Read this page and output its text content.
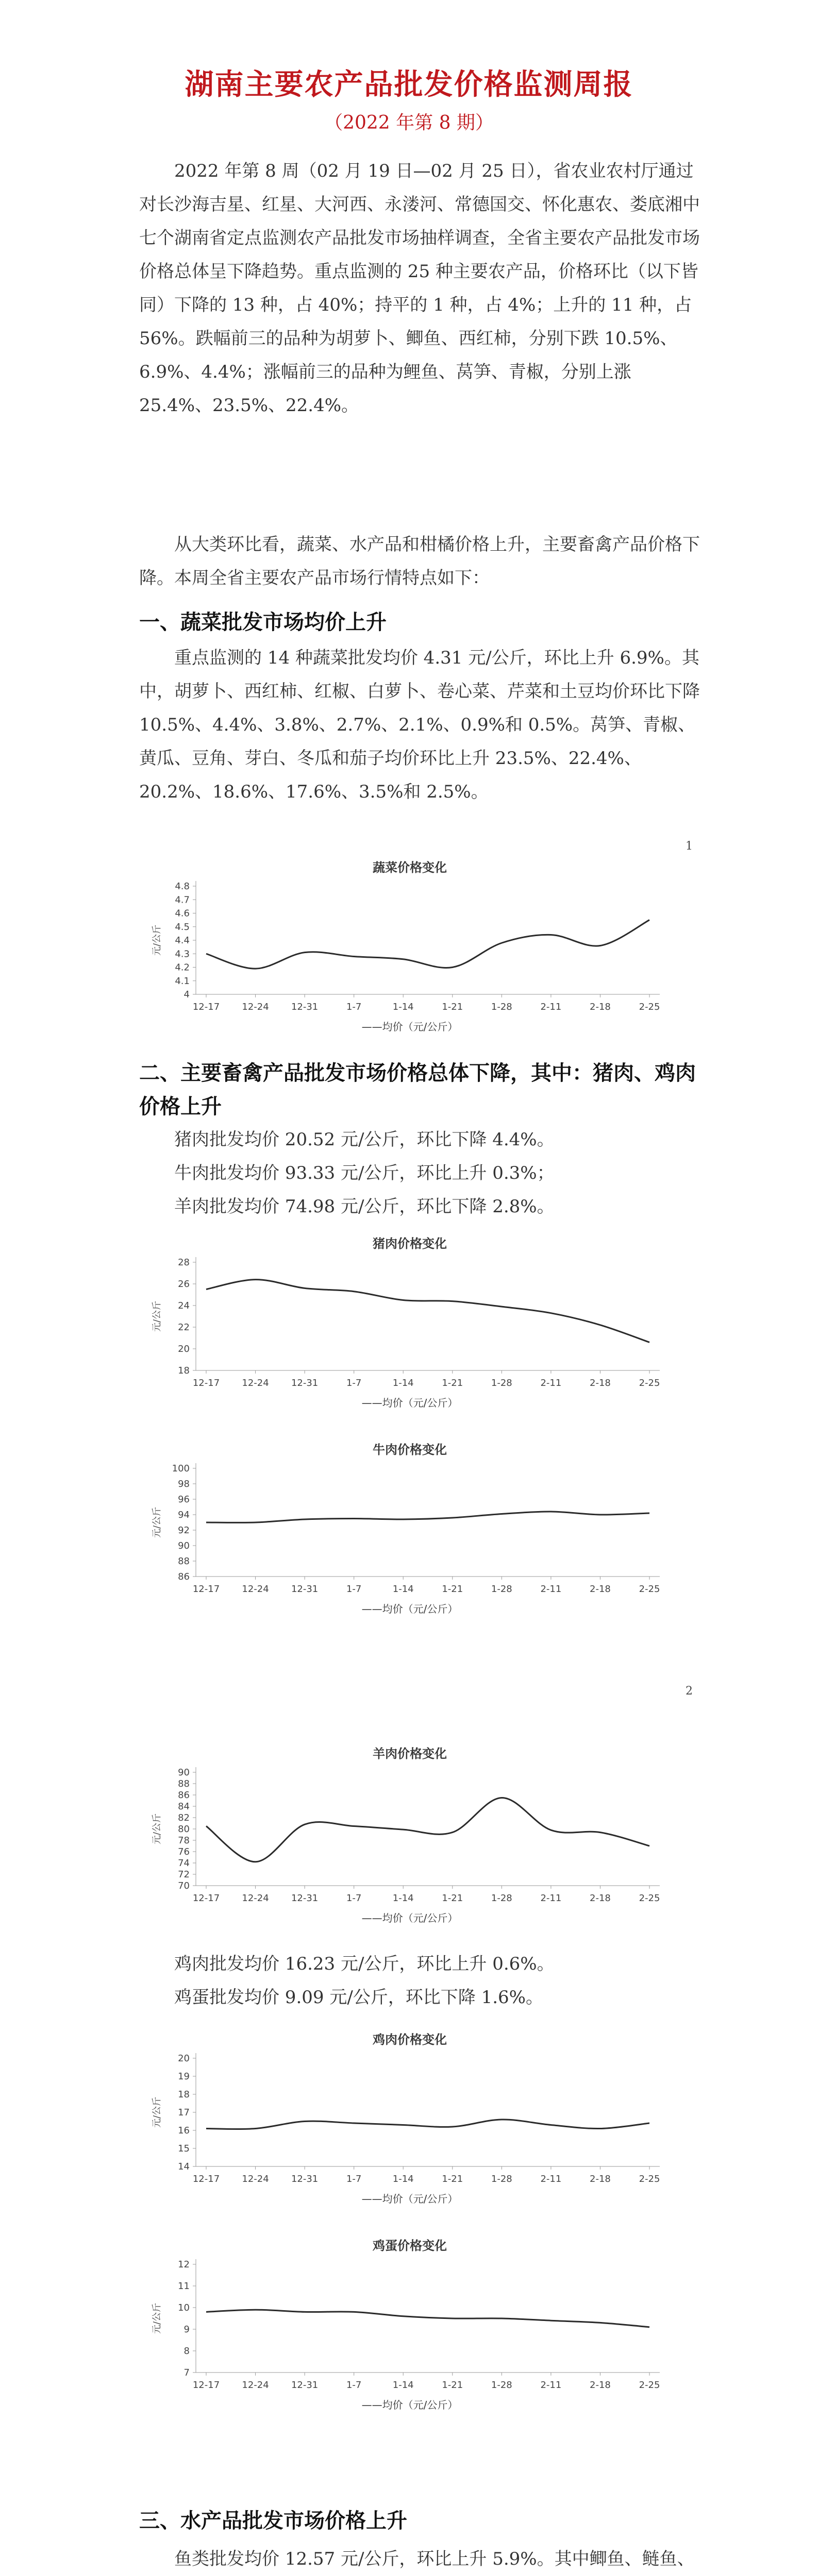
湖南主要农产品批发价格监测周报
（2022 年第 8 期）

2022 年第 8 周（02 月 19 日—02 月 25 日），省农业农村厅通过对长沙海吉星、红星、大河西、永溇河、常德国交、怀化惠农、娄底湘中七个湖南省定点监测农产品批发市场抽样调查，全省主要农产品批发市场价格总体呈下降趋势。重点监测的 25 种主要农产品，价格环比（以下皆同）下降的 13 种，占 40%；持平的 1 种，占 4%；上升的 11 种，占 56%。跌幅前三的品种为胡萝卜、鲫鱼、西红柿，分别下跌 10.5%、6.9%、4.4%；涨幅前三的品种为鲤鱼、莴笋、青椒，分别上涨 25.4%、23.5%、22.4%。

从大类环比看，蔬菜、水产品和柑橘价格上升，主要畜禽产品价格下降。本周全省主要农产品市场行情特点如下：

一、蔬菜批发市场均价上升

重点监测的 14 种蔬菜批发均价 4.31 元/公斤，环比上升 6.9%。其中，胡萝卜、西红柿、红椒、白萝卜、卷心菜、芹菜和土豆均价环比下降 10.5%、4.4%、3.8%、2.7%、2.1%、0.9%和 0.5%。莴笋、青椒、黄瓜、豆角、芽白、冬瓜和茄子均价环比上升 23.5%、22.4%、20.2%、18.6%、17.6%、3.5%和 2.5%。

1
蔬菜价格变化
4
4.1
4.2
4.3
4.4
4.5
4.6
4.7
4.8
元/公斤
12-17 12-24 12-31	1-7	1-14	1-21	1-28	2-11	2-18	2-25
——均价（元/公斤）

二、主要畜禽产品批发市场价格总体下降，其中：猪肉、鸡肉价格上升

猪肉批发均价 20.52 元/公斤，环比下降 4.4%。

牛肉批发均价 93.33 元/公斤，环比上升 0.3%；

羊肉批发均价 74.98 元/公斤，环比下降 2.8%。

猪肉价格变化
18
20
22
24
26
28
元/公斤
12-17 12-24 12-31	1-7	1-14	1-21	1-28	2-11	2-18	2-25
——均价（元/公斤）
牛肉价格变化
86
88
90
92
94
96
98
100
元/公斤
12-17 12-24 12-31	1-7	1-14	1-21	1-28	2-11	2-18	2-25
——均价（元/公斤）
2
羊肉价格变化
70
72
74
76
78
80
82
84
86
88
90
元/公斤
12-17 12-24 12-31	1-7	1-14	1-21	1-28	2-11	2-18	2-25
——均价（元/公斤）

鸡肉批发均价 16.23 元/公斤，环比上升 0.6%。

鸡蛋批发均价 9.09 元/公斤，环比下降 1.6%。

鸡肉价格变化
14
15
16
17
18
19
20
元/公斤
12-17 12-24 12-31	1-7	1-14	1-21	1-28	2-11	2-18	2-25
——均价（元/公斤）
鸡蛋价格变化
7
8
9
10
11
12
元/公斤
12-17 12-24 12-31	1-7	1-14	1-21	1-28	2-11	2-18	2-25
——均价（元/公斤）

三、水产品批发市场价格上升

鱼类批发均价 12.57 元/公斤，环比上升 5.9%。其中鲫鱼、鲢鱼、
